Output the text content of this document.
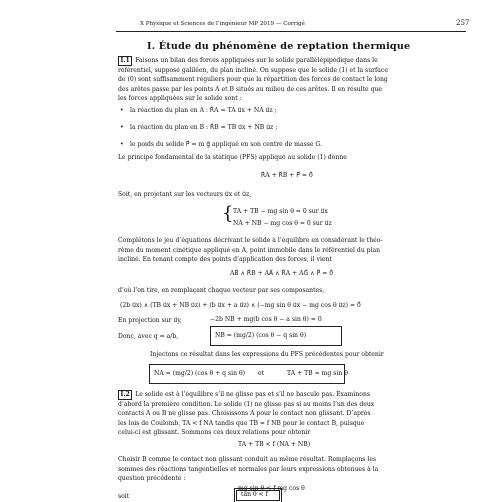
X Physique et Sciences de l’ingénieur MP 2019 — Corrigé	257
I. Étude du phénomène de reptation thermique
I.1 Faisons un bilan des forces appliquées sur le solide parallélépipédique dans le
référentiel, supposé galiléen, du plan incliné. On suppose que le solide (1) et la surface
de (0) sont suffisamment réguliers pour que la répartition des forces de contact le long
des arêtes passe par les points A et B situés au milieu de ces arêtes. Il en résulte que
les forces appliquées sur le solide sont :
• la réaction du plan en A : R⃗A = TA u⃗x + NA u⃗z ;
• la réaction du plan en B : R⃗B = TB u⃗x + NB u⃗z ;
• le poids du solide P⃗ = m g⃗ appliqué en son centre de masse G.
Le principe fondamental de la statique (PFS) appliqué au solide (1) donne
R⃗A + R⃗B + P⃗ = 0⃗
Soit, en projetant sur les vecteurs u⃗x et u⃗z,
{ TA + TB − mg sin θ = 0 sur u⃗x
NA + NB − mg cos θ = 0 sur u⃗z
Complétons le jeu d’équations décrivant le solide à l’équilibre en considérant le théo-
rème du moment cinétique appliqué en A, point immobile dans le référentiel du plan
incliné. En tenant compte des points d’application des forces, il vient
AB⃗ ∧ R⃗B + AA⃗ ∧ R⃗A + AG⃗ ∧ P⃗ = 0⃗
d’où l’on tire, en remplaçant chaque vecteur par ses composantes,
(2b u⃗x) ∧ (TB u⃗x + NB u⃗z) + (b u⃗x + a u⃗z) ∧ (−mg sin θ u⃗x − mg cos θ u⃗z) = 0⃗
En projection sur u⃗y,	−2b NB + mg(b cos θ − a sin θ) = 0
Donc, avec q = a/b,	NB = (mg/2) (cos θ − q sin θ)
Injectons ce résultat dans les expressions du PFS précédentes pour obtenir
NA = (mg/2) (cos θ + q sin θ) et	TA + TB = mg sin θ
I.2 Le solide est à l’équilibre s’il ne glisse pas et s’il ne bascule pas. Examinons
d’abord la première condition. Le solide (1) ne glisse pas si au moins l’un des deux
contacts A ou B ne glisse pas. Choisissons A pour le contact non glissant. D’après
les lois de Coulomb, TA < f NA tandis que TB = f NB pour le contact B, puisque
celui-ci est glissant. Sommons ces deux relations pour obtenir
TA + TB < f (NA + NB)
Choisir B comme le contact non glissant conduit au même résultat. Remplaçons les
sommes des réactions tangentielles et normales par leurs expressions obtenues à la
question précédente :
mg sin θ < f mg cos θ
soit	tan θ < f
